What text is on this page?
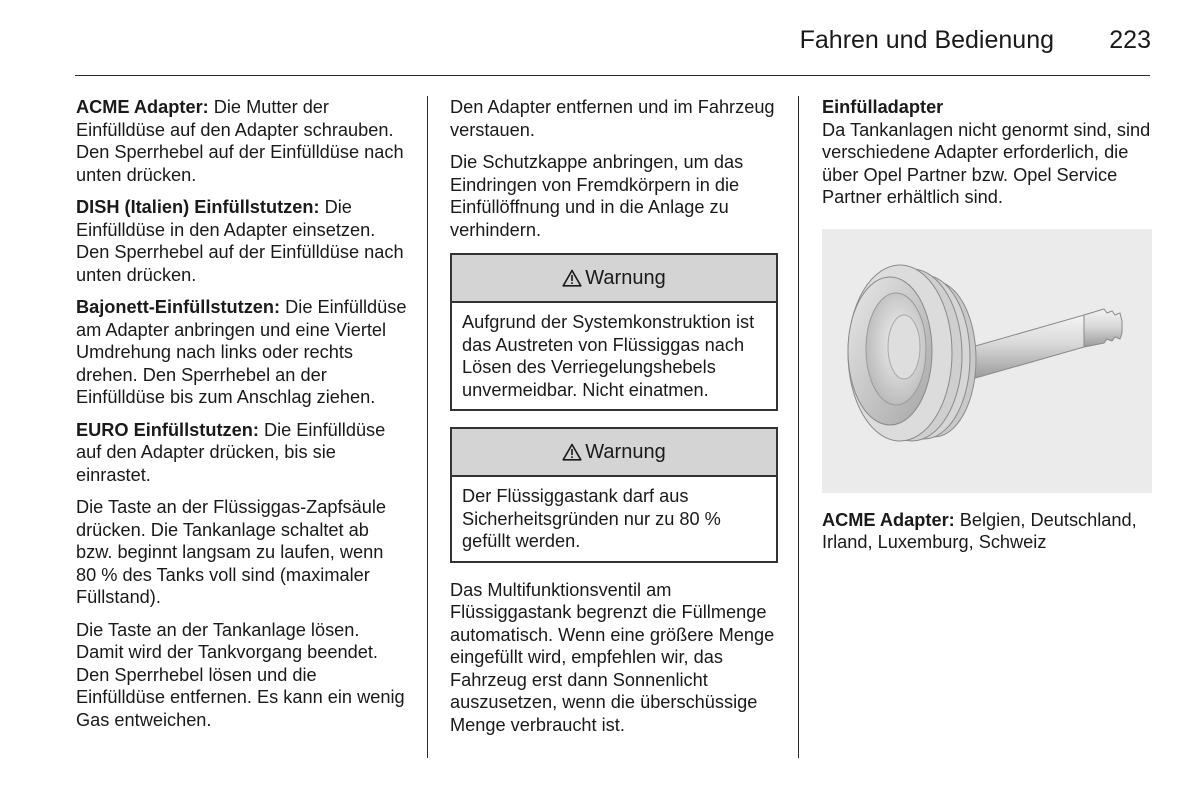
Fahren und Bedienung 223

ACME Adapter: Die Mutter der Einfülldüse auf den Adapter schrauben. Den Sperrhebel auf der Einfülldüse nach unten drücken.

DISH (Italien) Einfüllstutzen: Die Einfülldüse in den Adapter einsetzen. Den Sperrhebel auf der Einfülldüse nach unten drücken.

Bajonett-Einfüllstutzen: Die Einfülldüse am Adapter anbringen und eine Viertel Umdrehung nach links oder rechts drehen. Den Sperrhebel an der Einfülldüse bis zum Anschlag ziehen.

EURO Einfüllstutzen: Die Einfülldüse auf den Adapter drücken, bis sie einrastet.

Die Taste an der Flüssiggas-Zapfsäule drücken. Die Tankanlage schaltet ab bzw. beginnt langsam zu laufen, wenn 80 % des Tanks voll sind (maximaler Füllstand).

Die Taste an der Tankanlage lösen. Damit wird der Tankvorgang beendet. Den Sperrhebel lösen und die Einfülldüse entfernen. Es kann ein wenig Gas entweichen.

Den Adapter entfernen und im Fahrzeug verstauen.

Die Schutzkappe anbringen, um das Eindringen von Fremdkörpern in die Einfüllöffnung und in die Anlage zu verhindern.

Warnung
Aufgrund der Systemkonstruktion ist das Austreten von Flüssiggas nach Lösen des Verriegelungshebels unvermeidbar. Nicht einatmen.
Warnung
Der Flüssiggastank darf aus Sicherheitsgründen nur zu 80 % gefüllt werden.

Das Multifunktionsventil am Flüssiggastank begrenzt die Füllmenge automatisch. Wenn eine größere Menge eingefüllt wird, empfehlen wir, das Fahrzeug erst dann Sonnenlicht auszusetzen, wenn die überschüssige Menge verbraucht ist.

Einfülladapter

Da Tankanlagen nicht genormt sind, sind verschiedene Adapter erforderlich, die über Opel Partner bzw. Opel Service Partner erhältlich sind.

ACME Adapter: Belgien, Deutschland, Irland, Luxemburg, Schweiz
